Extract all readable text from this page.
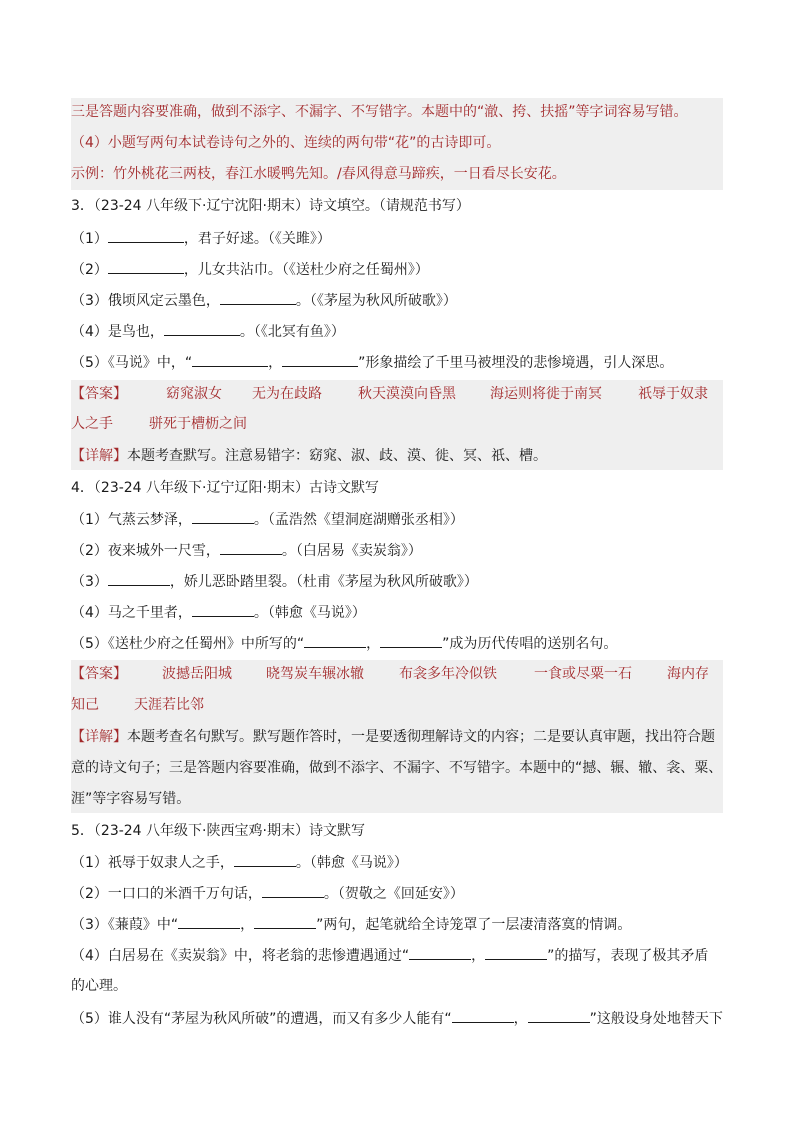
三是答题内容要准确，做到不添字、不漏字、不写错字。本题中的“澈、挎、扶摇”等字词容易写错。
（4）小题写两句本试卷诗句之外的、连续的两句带“花”的古诗即可。
示例：竹外桃花三两枝，春江水暖鸭先知。/春风得意马蹄疾，一日看尽长安花。
3．（23-24 八年级下·辽宁沈阳·期末）诗文填空。（请规范书写）
（1）	，君子好逑。（《关雎》）
（2）	，儿女共沾巾。（《送杜少府之任蜀州》）
（3）俄顷风定云墨色，	。（《茅屋为秋风所破歌》）
（4）是鸟也，	。（《北冥有鱼》）
（5）《马说》中，“	，	”形象描绘了千里马被埋没的悲惨境遇，引人深思。
【答案】	窈窕淑女 无为在歧路	秋天漠漠向昏黑 海运则将徙于南冥	祇辱于奴隶
人之手	骈死于槽枥之间
【详解】本题考查默写。注意易错字：窈窕、淑、歧、漠、徙、冥、祇、槽。
4．（23-24 八年级下·辽宁辽阳·期末）古诗文默写
（1）气蒸云梦泽，	。（孟浩然《望洞庭湖赠张丞相》）
（2）夜来城外一尺雪，	。（白居易《卖炭翁》）
（3）	，娇儿恶卧踏里裂。（杜甫《茅屋为秋风所破歌》）
（4）马之千里者，	。（韩愈《马说》）
（5）《送杜少府之任蜀州》中所写的“	，	”成为历代传唱的送别名句。
【答案】	波撼岳阳城 晓驾炭车辗冰辙	布衾多年冷似铁	一食或尽粟一石	海内存
知己	天涯若比邻
【详解】本题考查名句默写。默写题作答时，一是要透彻理解诗文的内容；二是要认真审题，找出符合题
意的诗文句子；三是答题内容要准确，做到不添字、不漏字、不写错字。本题中的“撼、辗、辙、衾、粟、
涯”等字容易写错。
5．（23-24 八年级下·陕西宝鸡·期末）诗文默写
（1）祇辱于奴隶人之手，	。（韩愈《马说》）
（2）一口口的米酒千万句话，	。（贺敬之《回延安》）
（3）《蒹葭》中“	，	”两句，起笔就给全诗笼罩了一层凄清落寞的情调。
（4）白居易在《卖炭翁》中，将老翁的悲惨遭遇通过“	，	”的描写，表现了极其矛盾
的心理。
（5）谁人没有“茅屋为秋风所破”的遭遇，而又有多少人能有“	，	”这般设身处地替天下
